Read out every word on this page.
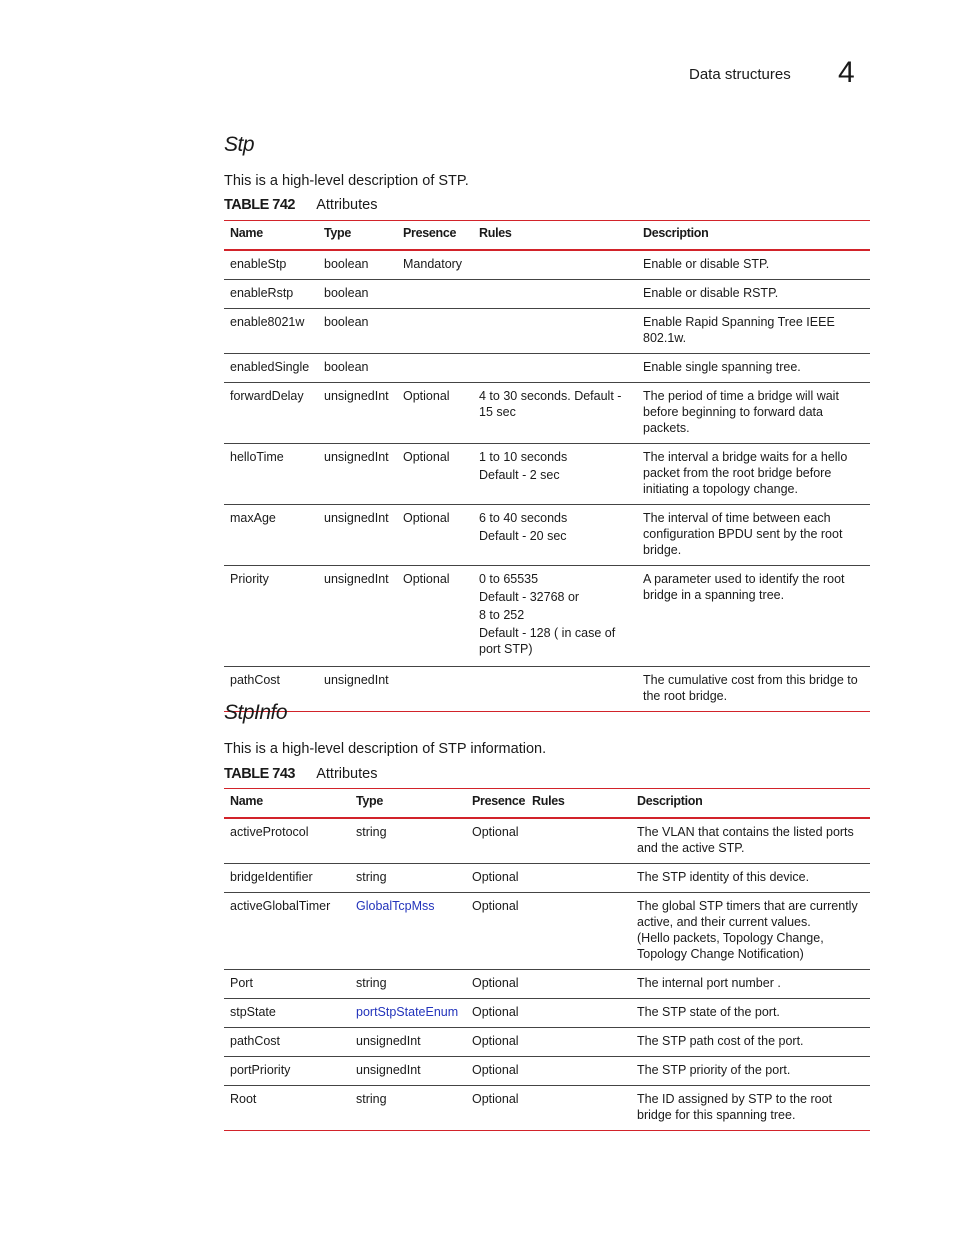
Data structures 4
Stp

This is a high-level description of STP.

TABLE 742 Attributes
Name	Type	Presence	Rules	Description
enableStp	boolean	Mandatory		Enable or disable STP.

enableRstp	boolean			Enable or disable RSTP.

enable8021w	boolean			Enable Rapid Spanning Tree IEEE 802.1w.

enabledSingle	boolean			Enable single spanning tree.

forwardDelay	unsignedInt	Optional	4 to 30 seconds. Default - 15 sec	The period of time a bridge will wait before beginning to forward data packets.

helloTime	unsignedInt	Optional	1 to 10 seconds
Default - 2 sec	The interval a bridge waits for a hello packet from the root bridge before initiating a topology change.

maxAge	unsignedInt	Optional	6 to 40 seconds
Default - 20 sec	The interval of time between each configuration BPDU sent by the root bridge.

Priority	unsignedInt	Optional	0 to 65535
Default - 32768 or
8 to 252
Default - 128 ( in case of port STP)	A parameter used to identify the root bridge in a spanning tree.

pathCost	unsignedInt			The cumulative cost from this bridge to the root bridge.
StpInfo

This is a high-level description of STP information.

TABLE 743 Attributes
Name	Type	Presence	Rules	Description
activeProtocol	string	Optional		The VLAN that contains the listed ports and the active STP.

bridgeIdentifier	string	Optional		The STP identity of this device.

activeGlobalTimer	GlobalTcpMss	Optional		The global STP timers that are currently active, and their current values.
(Hello packets, Topology Change, Topology Change Notification)

Port	string	Optional		The internal port number .

stpState	portStpStateEnum	Optional		The STP state of the port.

pathCost	unsignedInt	Optional		The STP path cost of the port.

portPriority	unsignedInt	Optional		The STP priority of the port.

Root	string	Optional		The ID assigned by STP to the root bridge for this spanning tree.
